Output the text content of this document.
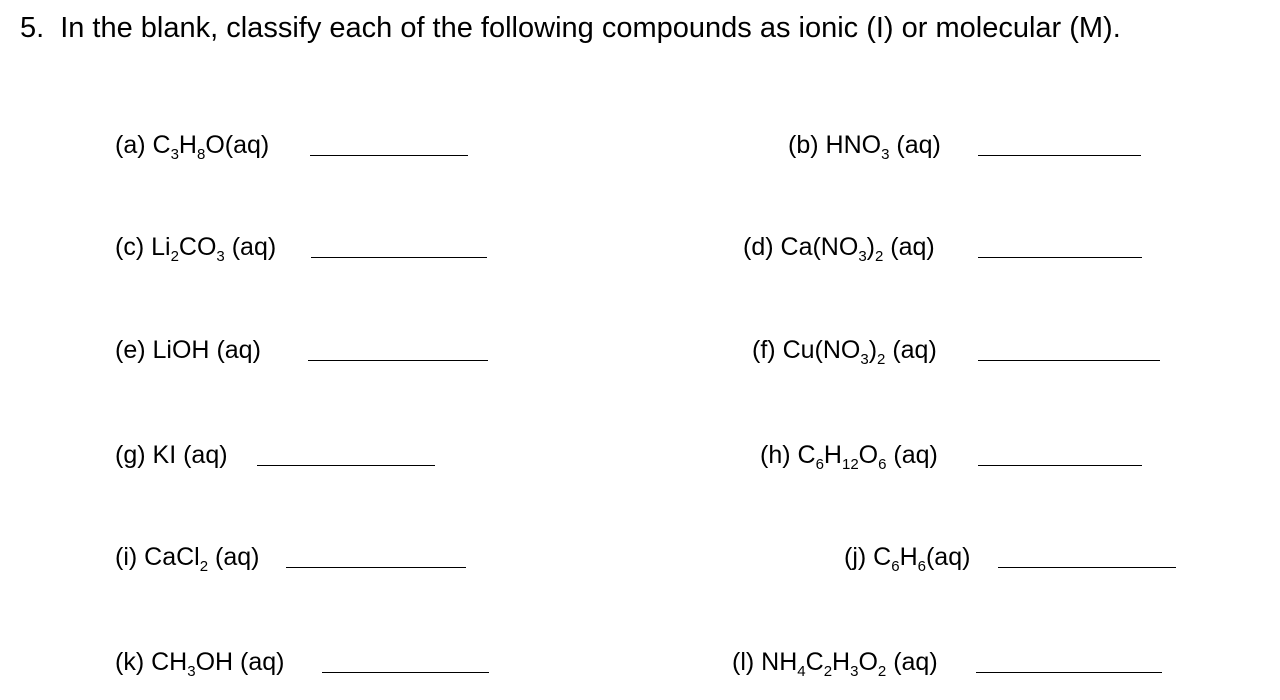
5. In the blank, classify each of the following compounds as ionic (I) or molecular (M).
(a) $C_3H_8O(aq)$	(b) $HNO_3$ (aq)
(c) $Li_2CO_3$ (aq)	(d) $Ca(NO_3)_2$ (aq)
(e) LiOH (aq)	(f) $Cu(NO_3)_2$ (aq)
(g) KI (aq)	(h) $C_6H_{12}O_6$ (aq)
(i) CaCl$_2$ (aq)	(j) $C_6H_6(aq)$
(k) $CH_3OH$ (aq)	(l) $NH_4C_2H_3O_2$ (aq)
